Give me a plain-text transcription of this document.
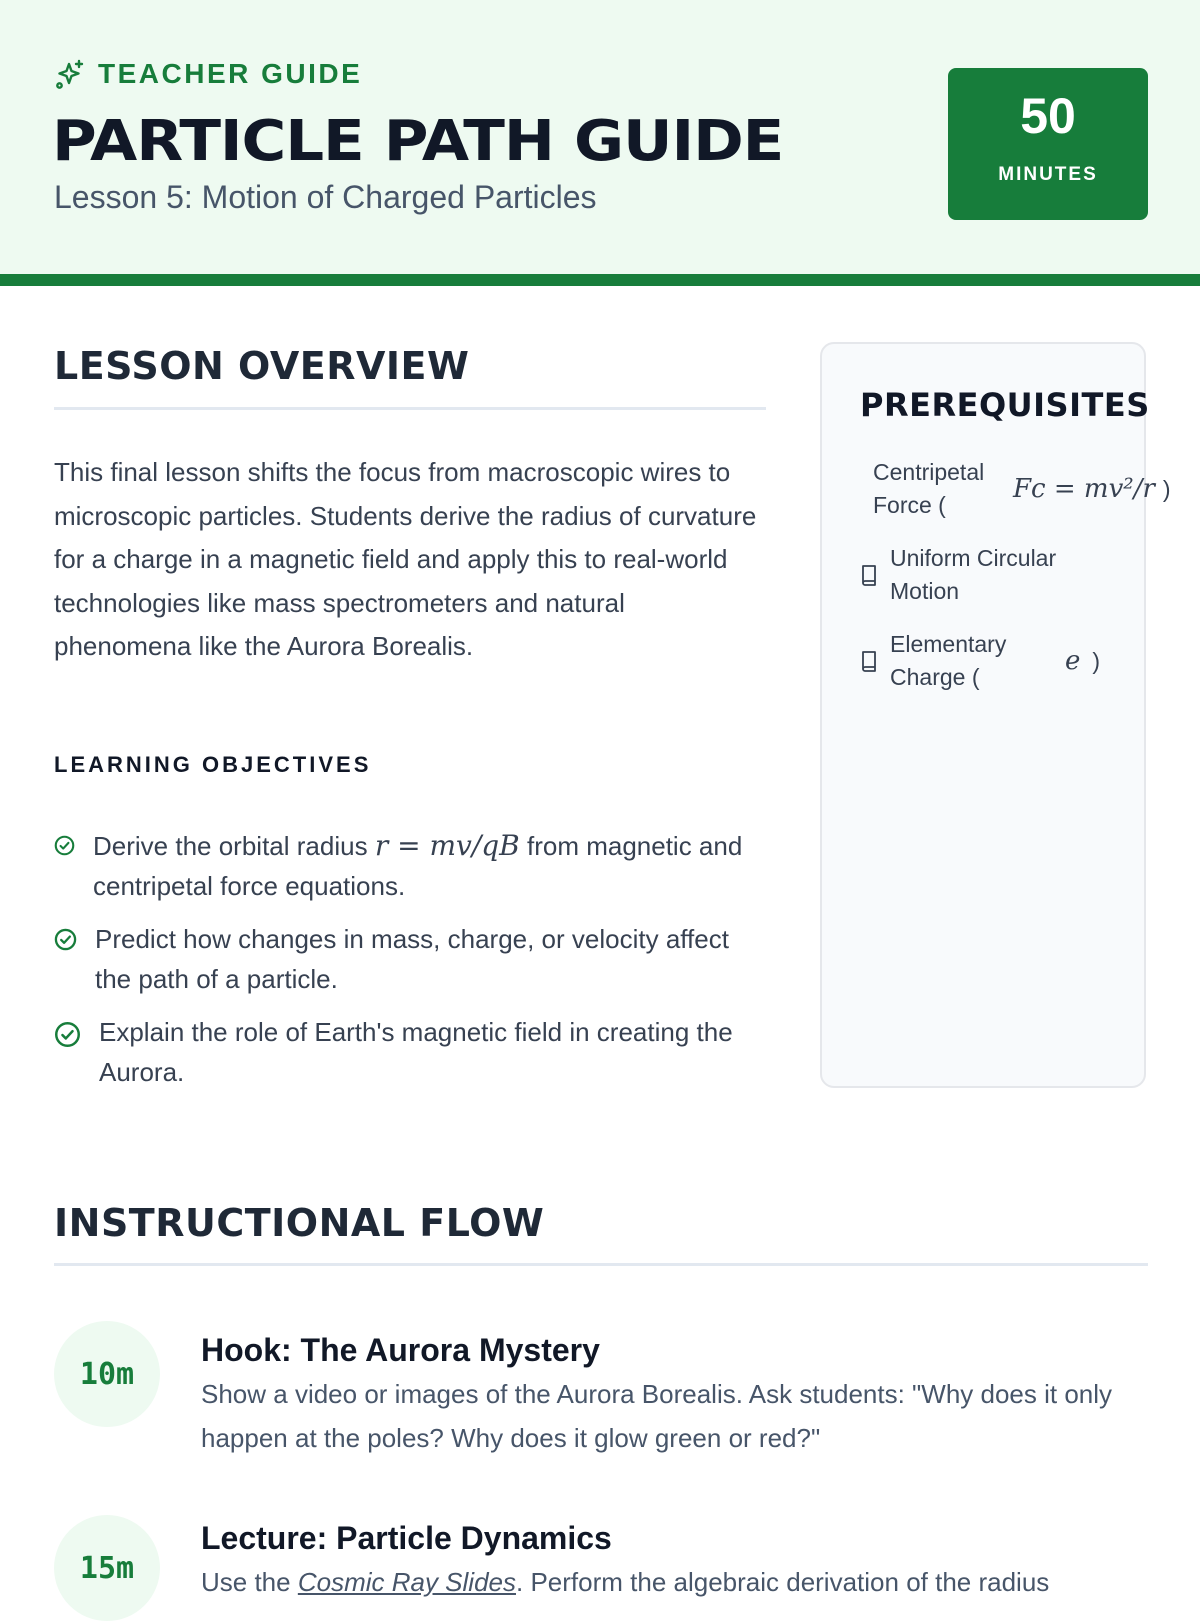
TEACHER GUIDE
PARTICLE PATH GUIDE
Lesson 5: Motion of Charged Particles
50
MINUTES
LESSON OVERVIEW

This final lesson shifts the focus from macroscopic wires to microscopic particles. Students derive the radius of curvature for a charge in a magnetic field and apply this to real-world technologies like mass spectrometers and natural phenomena like the Aurora Borealis.

LEARNING OBJECTIVES
Derive the orbital radius r = mv/qB from magnetic and centripetal force equations.
Predict how changes in mass, charge, or velocity affect the path of a particle.
Explain the role of Earth's magnetic field in creating the Aurora.
PREREQUISITES
Centripetal Force (
Fc = mv²/r )
Uniform Circular Motion
Elementary Charge (
e )
INSTRUCTIONAL FLOW
10m
Hook: The Aurora Mystery

Show a video or images of the Aurora Borealis. Ask students: "Why does it only happen at the poles? Why does it glow green or red?"

15m
Lecture: Particle Dynamics

Use the Cosmic Ray Slides. Perform the algebraic derivation of the radius
